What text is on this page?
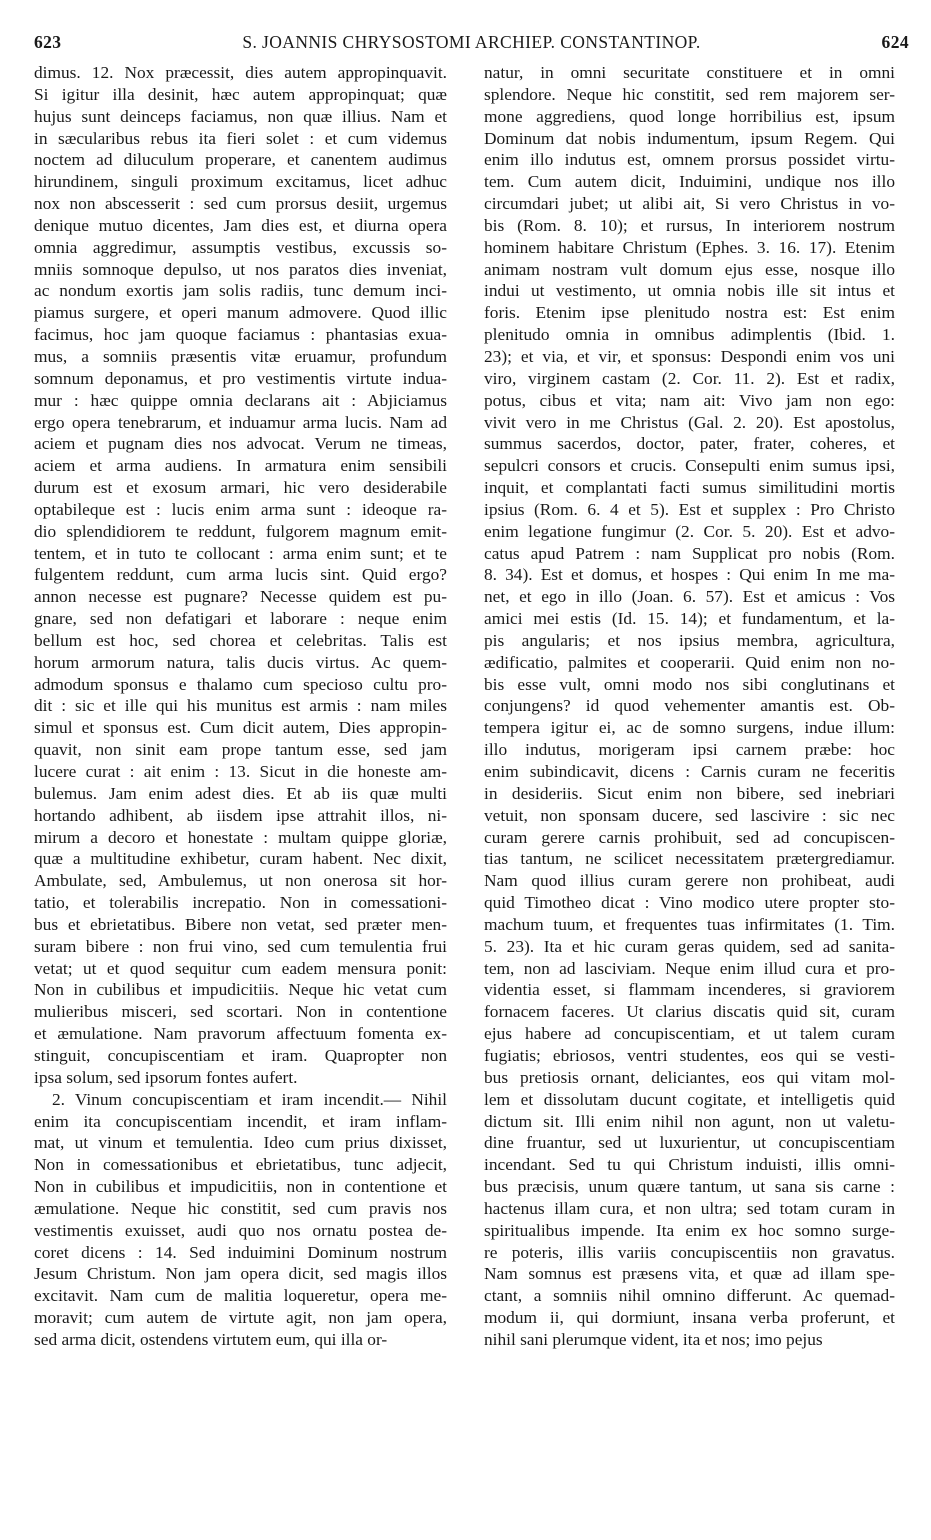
623	S. JOANNIS CHRYSOSTOMI ARCHIEP. CONSTANTINOP.	624
dimus. 12. Nox præcessit, dies autem appropinquavit.
Si igitur illa desinit, hæc autem appropinquat; quæ
hujus sunt deinceps faciamus, non quæ illius. Nam et
in sæcularibus rebus ita fieri solet : et cum videmus
noctem ad diluculum properare, et canentem audimus
hirundinem, singuli proximum excitamus, licet adhuc
nox non abscesserit : sed cum prorsus desiit, urgemus
denique mutuo dicentes, Jam dies est, et diurna opera
omnia aggredimur, assumptis vestibus, excussis so-
mniis somnoque depulso, ut nos paratos dies inveniat,
ac nondum exortis jam solis radiis, tunc demum inci-
piamus surgere, et operi manum admovere. Quod illic
facimus, hoc jam quoque faciamus : phantasias exua-
mus, a somniis præsentis vitæ eruamur, profundum
somnum deponamus, et pro vestimentis virtute indua-
mur : hæc quippe omnia declarans ait : Abjiciamus
ergo opera tenebrarum, et induamur arma lucis. Nam ad
aciem et pugnam dies nos advocat. Verum ne timeas,
aciem et arma audiens. In armatura enim sensibili
durum est et exosum armari, hic vero desiderabile
optabileque est : lucis enim arma sunt : ideoque ra-
dio splendidiorem te reddunt, fulgorem magnum emit-
tentem, et in tuto te collocant : arma enim sunt; et te
fulgentem reddunt, cum arma lucis sint. Quid ergo?
annon necesse est pugnare? Necesse quidem est pu-
gnare, sed non defatigari et laborare : neque enim
bellum est hoc, sed chorea et celebritas. Talis est
horum armorum natura, talis ducis virtus. Ac quem-
admodum sponsus e thalamo cum specioso cultu pro-
dit : sic et ille qui his munitus est armis : nam miles
simul et sponsus est. Cum dicit autem, Dies appropin-
quavit, non sinit eam prope tantum esse, sed jam
lucere curat : ait enim : 13. Sicut in die honeste am-
bulemus. Jam enim adest dies. Et ab iis quæ multi
hortando adhibent, ab iisdem ipse attrahit illos, ni-
mirum a decoro et honestate : multam quippe gloriæ,
quæ a multitudine exhibetur, curam habent. Nec dixit,
Ambulate, sed, Ambulemus, ut non onerosa sit hor-
tatio, et tolerabilis increpatio. Non in comessationi-
bus et ebrietatibus. Bibere non vetat, sed præter men-
suram bibere : non frui vino, sed cum temulentia frui
vetat; ut et quod sequitur cum eadem mensura ponit:
Non in cubilibus et impudicitiis. Neque hic vetat cum
mulieribus misceri, sed scortari. Non in contentione
et æmulatione. Nam pravorum affectuum fomenta ex-
stinguit, concupiscentiam et iram. Quapropter non
ipsa solum, sed ipsorum fontes aufert.
2. Vinum concupiscentiam et iram incendit.— Nihil
enim ita concupiscentiam incendit, et iram inflam-
mat, ut vinum et temulentia. Ideo cum prius dixisset,
Non in comessationibus et ebrietatibus, tunc adjecit,
Non in cubilibus et impudicitiis, non in contentione et
æmulatione. Neque hic constitit, sed cum pravis nos
vestimentis exuisset, audi quo nos ornatu postea de-
coret dicens : 14. Sed induimini Dominum nostrum
Jesum Christum. Non jam opera dicit, sed magis illos
excitavit. Nam cum de malitia loqueretur, opera me-
moravit; cum autem de virtute agit, non jam opera,
sed arma dicit, ostendens virtutem eum, qui illa or-
natur, in omni securitate constituere et in omni
splendore. Neque hic constitit, sed rem majorem ser-
mone aggrediens, quod longe horribilius est, ipsum
Dominum dat nobis indumentum, ipsum Regem. Qui
enim illo indutus est, omnem prorsus possidet virtu-
tem. Cum autem dicit, Induimini, undique nos illo
circumdari jubet; ut alibi ait, Si vero Christus in vo-
bis (Rom. 8. 10); et rursus, In interiorem nostrum
hominem habitare Christum (Ephes. 3. 16. 17). Etenim
animam nostram vult domum ejus esse, nosque illo
indui ut vestimento, ut omnia nobis ille sit intus et
foris. Etenim ipse plenitudo nostra est: Est enim
plenitudo omnia in omnibus adimplentis (Ibid. 1.
23); et via, et vir, et sponsus: Despondi enim vos uni
viro, virginem castam (2. Cor. 11. 2). Est et radix,
potus, cibus et vita; nam ait: Vivo jam non ego:
vivit vero in me Christus (Gal. 2. 20). Est apostolus,
summus sacerdos, doctor, pater, frater, coheres, et
sepulcri consors et crucis. Consepulti enim sumus ipsi,
inquit, et complantati facti sumus similitudini mortis
ipsius (Rom. 6. 4 et 5). Est et supplex : Pro Christo
enim legatione fungimur (2. Cor. 5. 20). Est et advo-
catus apud Patrem : nam Supplicat pro nobis (Rom.
8. 34). Est et domus, et hospes : Qui enim In me ma-
net, et ego in illo (Joan. 6. 57). Est et amicus : Vos
amici mei estis (Id. 15. 14); et fundamentum, et la-
pis angularis; et nos ipsius membra, agricultura,
ædificatio, palmites et cooperarii. Quid enim non no-
bis esse vult, omni modo nos sibi conglutinans et
conjungens? id quod vehementer amantis est. Ob-
tempera igitur ei, ac de somno surgens, indue illum:
illo indutus, morigeram ipsi carnem præbe: hoc
enim subindicavit, dicens : Carnis curam ne feceritis
in desideriis. Sicut enim non bibere, sed inebriari
vetuit, non sponsam ducere, sed lascivire : sic nec
curam gerere carnis prohibuit, sed ad concupiscen-
tias tantum, ne scilicet necessitatem prætergrediamur.
Nam quod illius curam gerere non prohibeat, audi
quid Timotheo dicat : Vino modico utere propter sto-
machum tuum, et frequentes tuas infirmitates (1. Tim.
5. 23). Ita et hic curam geras quidem, sed ad sanita-
tem, non ad lasciviam. Neque enim illud cura et pro-
videntia esset, si flammam incenderes, si graviorem
fornacem faceres. Ut clarius discatis quid sit, curam
ejus habere ad concupiscentiam, et ut talem curam
fugiatis; ebriosos, ventri studentes, eos qui se vesti-
bus pretiosis ornant, deliciantes, eos qui vitam mol-
lem et dissolutam ducunt cogitate, et intelligetis quid
dictum sit. Illi enim nihil non agunt, non ut valetu-
dine fruantur, sed ut luxurientur, ut concupiscentiam
incendant. Sed tu qui Christum induisti, illis omni-
bus præcisis, unum quære tantum, ut sana sis carne :
hactenus illam cura, et non ultra; sed totam curam in
spiritualibus impende. Ita enim ex hoc somno surge-
re poteris, illis variis concupiscentiis non gravatus.
Nam somnus est præsens vita, et quæ ad illam spe-
ctant, a somniis nihil omnino differunt. Ac quemad-
modum ii, qui dormiunt, insana verba proferunt, et
nihil sani plerumque vident, ita et nos; imo pejus
